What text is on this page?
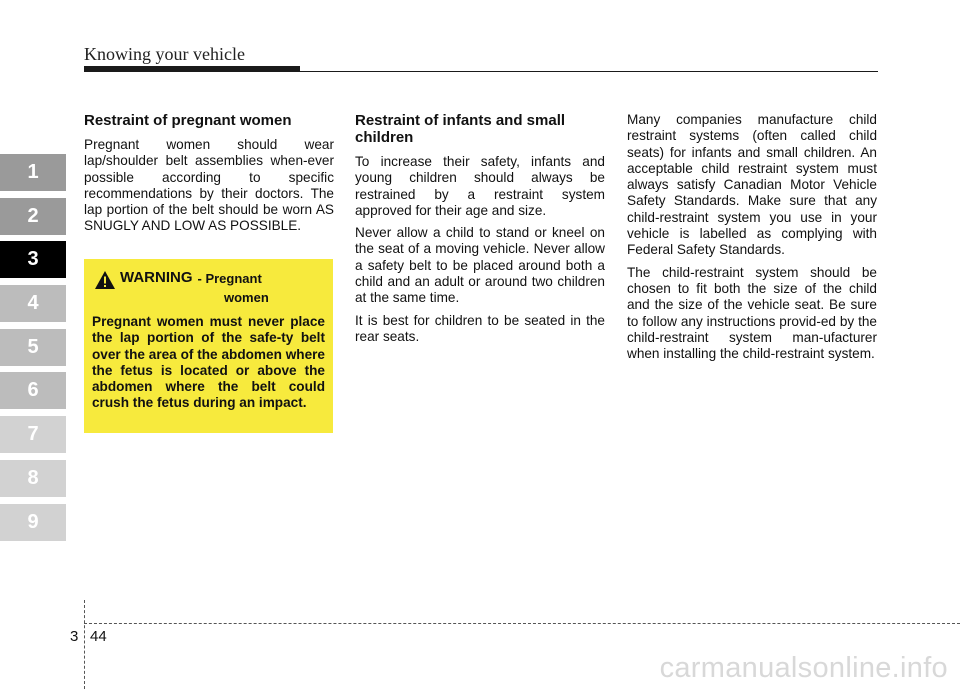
Knowing your vehicle
1
2
3
4
5
6
7
8
9
Restraint of pregnant women

Pregnant women should wear lap/shoulder belt assemblies when-ever possible according to specific recommendations by their doctors. The lap portion of the belt should be worn AS SNUGLY AND LOW AS POSSIBLE.

WARNING - Pregnant
women
Pregnant women must never place the lap portion of the safe-ty belt over the area of the abdomen where the fetus is located or above the abdomen where the belt could crush the fetus during an impact.
Restraint of infants and small children

To increase their safety, infants and young children should always be restrained by a restraint system approved for their age and size.

Never allow a child to stand or kneel on the seat of a moving vehicle. Never allow a safety belt to be placed around both a child and an adult or around two children at the same time.

It is best for children to be seated in the rear seats.

Many companies manufacture child restraint systems (often called child seats) for infants and small children. An acceptable child restraint system must always satisfy Canadian Motor Vehicle Safety Standards. Make sure that any child-restraint system you use in your vehicle is labelled as complying with Federal Safety Standards.

The child-restraint system should be chosen to fit both the size of the child and the size of the vehicle seat. Be sure to follow any instructions provid-ed by the child-restraint system man-ufacturer when installing the child-restraint system.

3 44
carmanualsonline.info
